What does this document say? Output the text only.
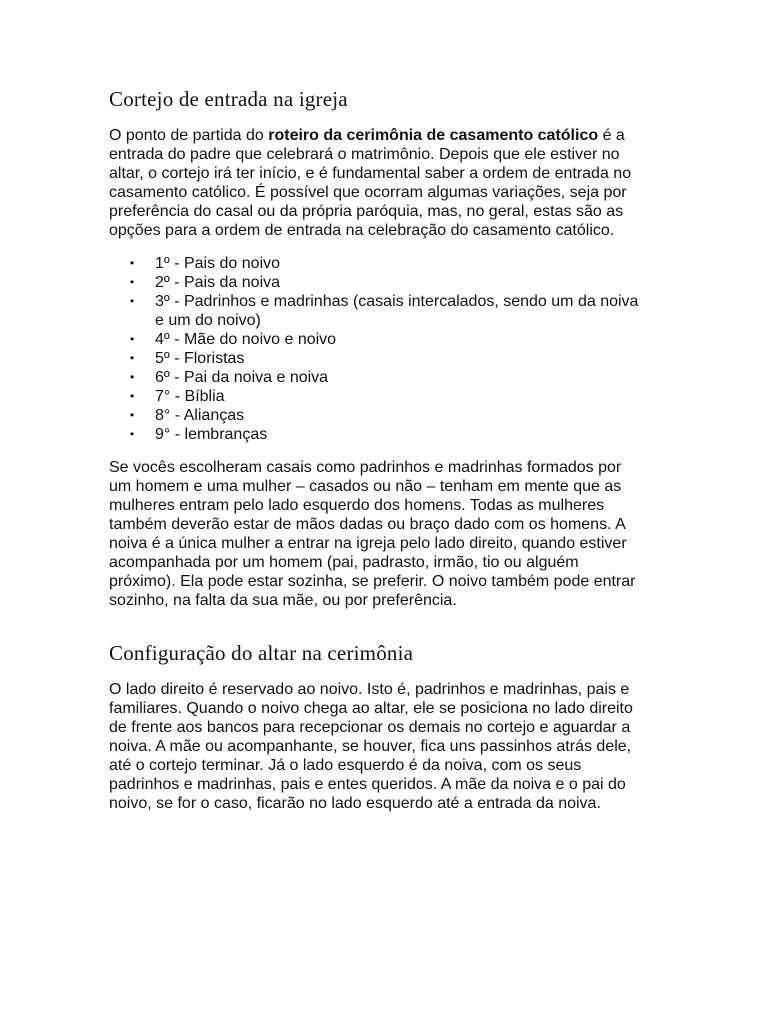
Cortejo de entrada na igreja

O ponto de partida do roteiro da cerimônia de casamento católico é a entrada do padre que celebrará o matrimônio. Depois que ele estiver no altar, o cortejo irá ter início, e é fundamental saber a ordem de entrada no casamento católico. É possível que ocorram algumas variações, seja por preferência do casal ou da própria paróquia, mas, no geral, estas são as opções para a ordem de entrada na celebração do casamento católico.

• 1º - Pais do noivo
• 2º - Pais da noiva
• 3º - Padrinhos e madrinhas (casais intercalados, sendo um da noiva e um do noivo)
• 4º - Mãe do noivo e noivo
• 5º - Floristas
• 6º - Pai da noiva e noiva
• 7° - Bíblia
• 8° - Alianças
• 9° - lembranças

Se vocês escolheram casais como padrinhos e madrinhas formados por um homem e uma mulher – casados ou não – tenham em mente que as mulheres entram pelo lado esquerdo dos homens. Todas as mulheres também deverão estar de mãos dadas ou braço dado com os homens. A noiva é a única mulher a entrar na igreja pelo lado direito, quando estiver acompanhada por um homem (pai, padrasto, irmão, tio ou alguém próximo). Ela pode estar sozinha, se preferir. O noivo também pode entrar sozinho, na falta da sua mãe, ou por preferência.

Configuração do altar na cerimônia

O lado direito é reservado ao noivo. Isto é, padrinhos e madrinhas, pais e familiares. Quando o noivo chega ao altar, ele se posiciona no lado direito de frente aos bancos para recepcionar os demais no cortejo e aguardar a noiva. A mãe ou acompanhante, se houver, fica uns passinhos atrás dele, até o cortejo terminar. Já o lado esquerdo é da noiva, com os seus padrinhos e madrinhas, pais e entes queridos. A mãe da noiva e o pai do noivo, se for o caso, ficarão no lado esquerdo até a entrada da noiva.
